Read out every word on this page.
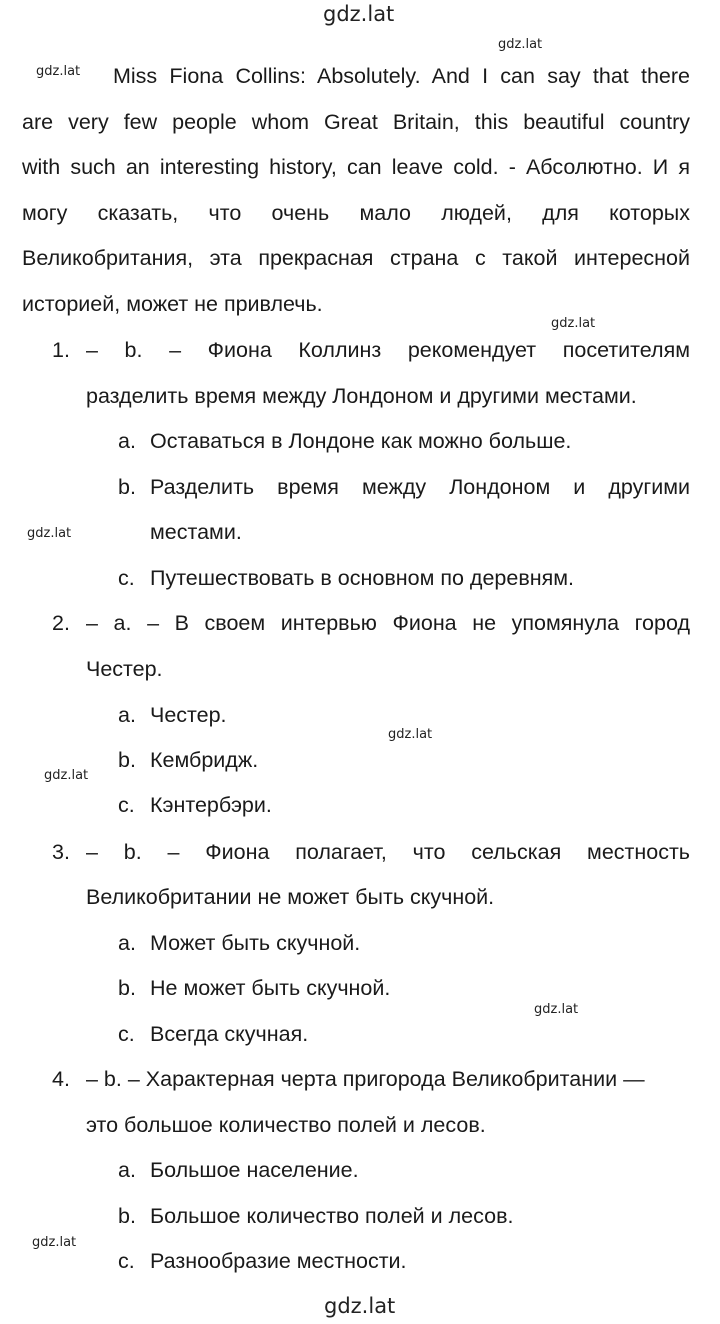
gdz.lat
gdz.lat
gdz.lat
gdz.lat
gdz.lat
gdz.lat
gdz.lat
gdz.lat
gdz.lat
gdz.lat
Miss Fiona Collins: Absolutely. And I can say that there
are very few people whom Great Britain, this beautiful country
with such an interesting history, can leave cold. - Абсолютно. И я
могу сказать, что очень мало людей, для которых
Великобритания, эта прекрасная страна с такой интересной
историей, может не привлечь.
1. – b. – Фиона Коллинз рекомендует посетителям
разделить время между Лондоном и другими местами.
a. Оставаться в Лондоне как можно больше.
b. Разделить время между Лондоном и другими
местами.
c. Путешествовать в основном по деревням.
2. – a. – В своем интервью Фиона не упомянула город
Честер.
a. Честер.
b. Кембридж.
c. Кэнтербэри.
3. – b. – Фиона полагает, что сельская местность
Великобритании не может быть скучной.
a. Может быть скучной.
b. Не может быть скучной.
c. Всегда скучная.
4. – b. – Характерная черта пригорода Великобритании —
это большое количество полей и лесов.
a. Большое население.
b. Большое количество полей и лесов.
c. Разнообразие местности.
